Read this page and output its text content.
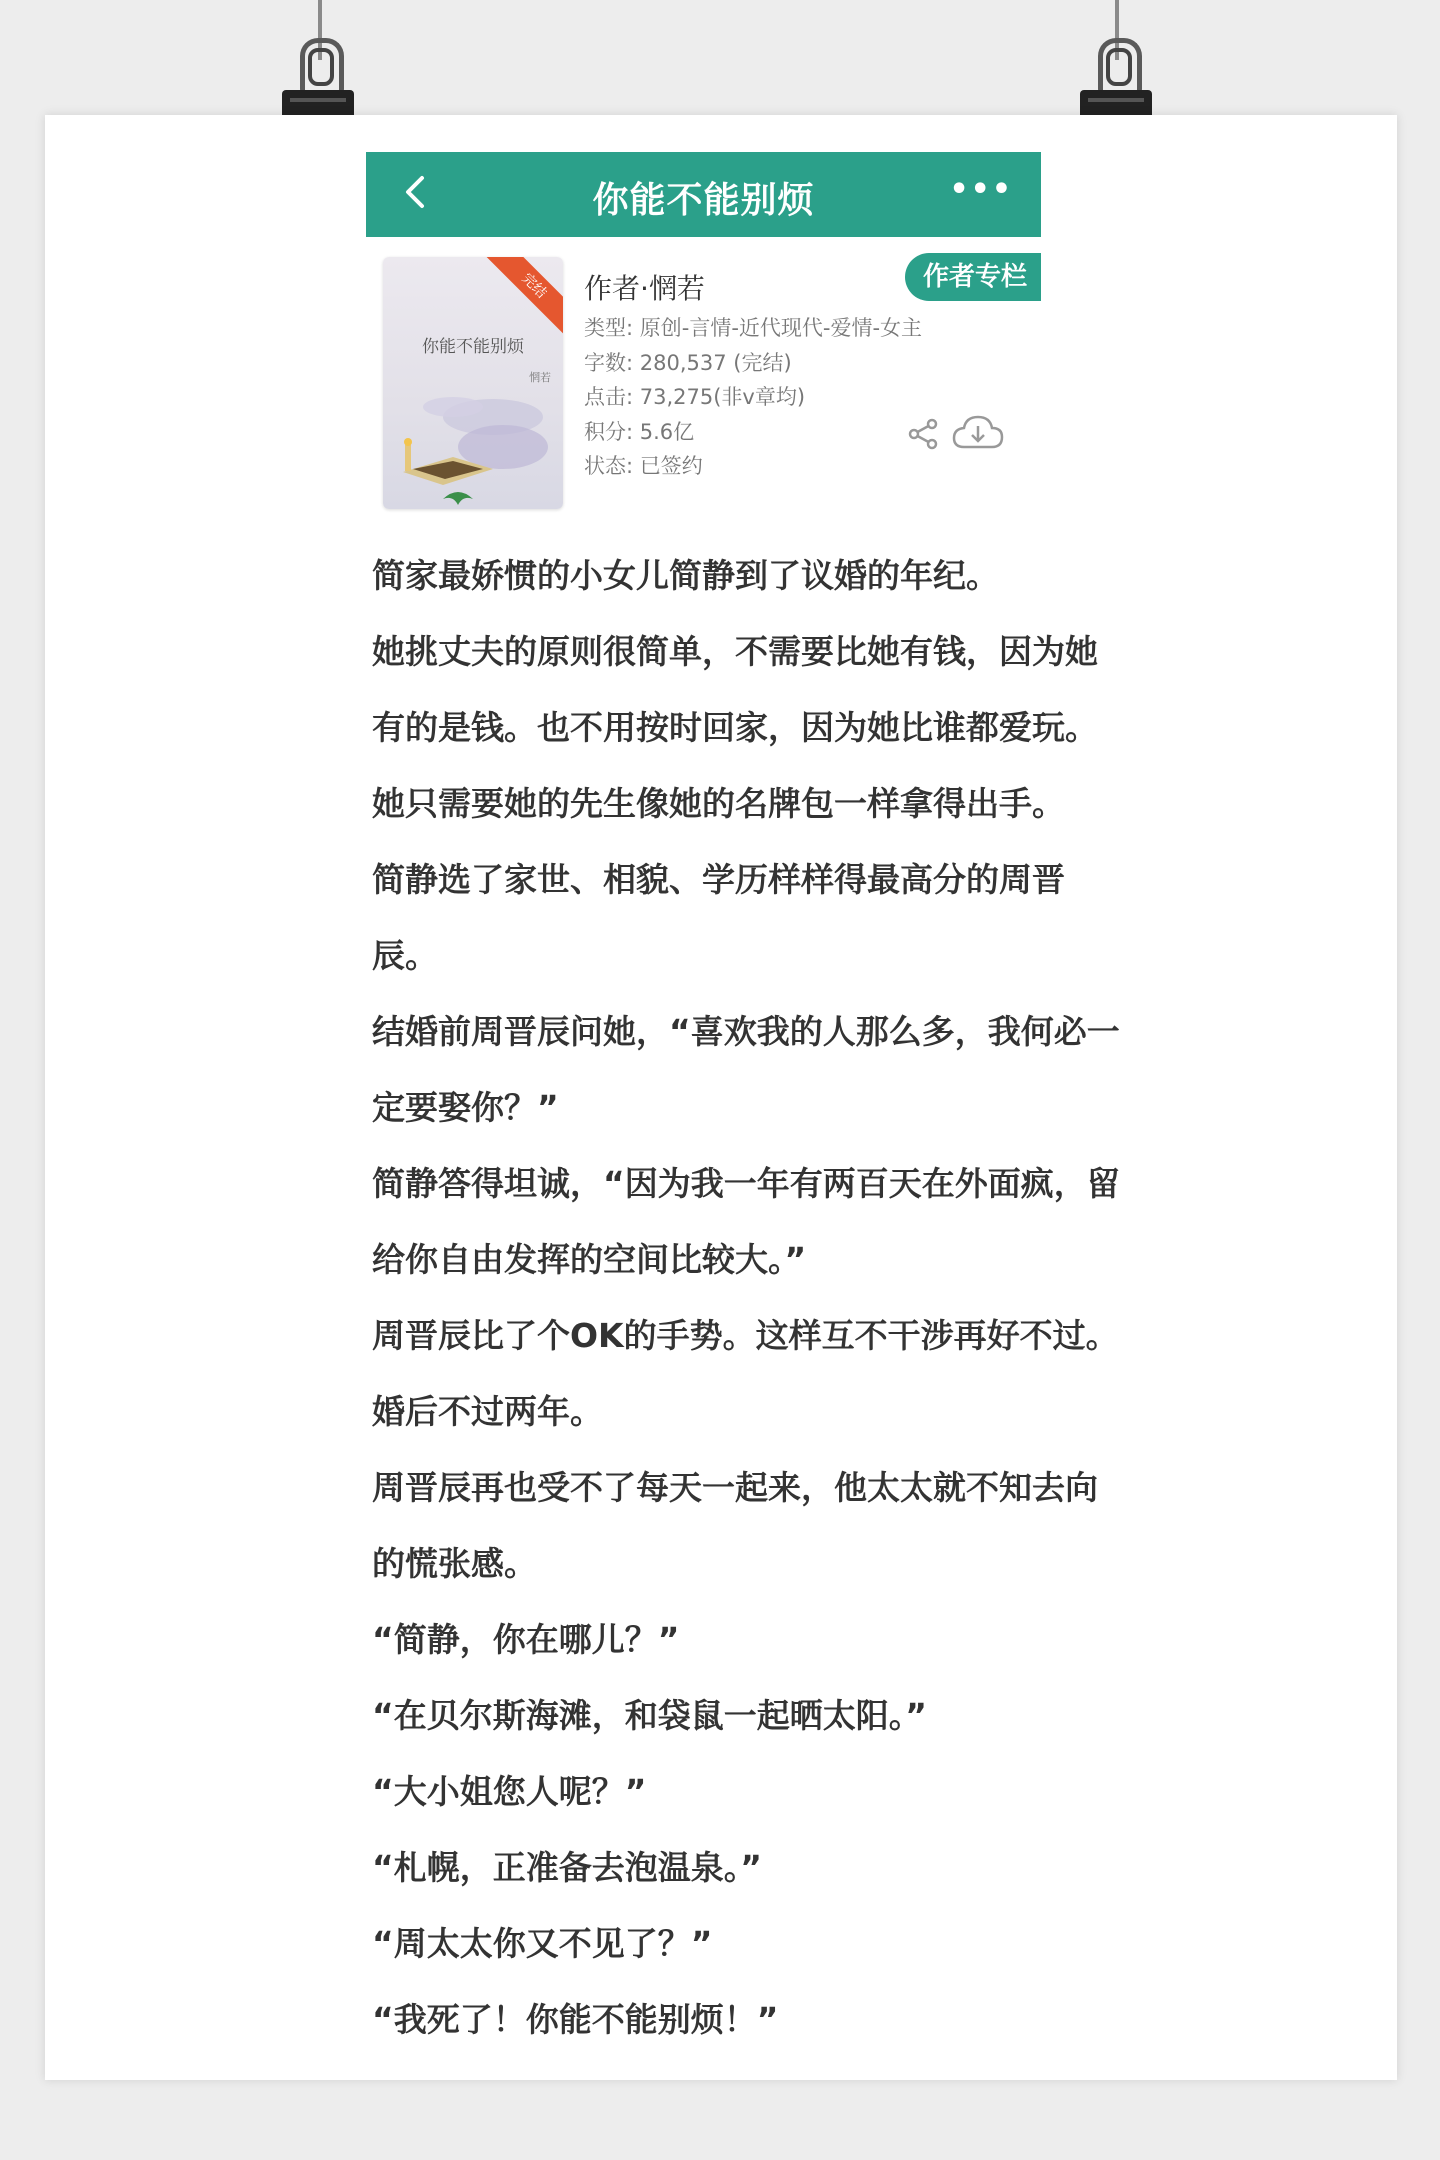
你能不能别烦	•••
完结
你能不能别烦
惘若
作者·惘若	作者专栏
类型: 原创-言情-近代现代-爱情-女主
字数: 280,537 (完结)
点击: 73,275(非v章均)
积分: 5.6亿
状态: 已签约

简家最娇惯的小女儿简静到了议婚的年纪。

她挑丈夫的原则很简单，不需要比她有钱，因为她

有的是钱。也不用按时回家，因为她比谁都爱玩。

她只需要她的先生像她的名牌包一样拿得出手。

简静选了家世、相貌、学历样样得最高分的周晋

辰。

结婚前周晋辰问她，“喜欢我的人那么多，我何必一

定要娶你？”

简静答得坦诚，“因为我一年有两百天在外面疯，留

给你自由发挥的空间比较大。”

周晋辰比了个OK的手势。这样互不干涉再好不过。

婚后不过两年。

周晋辰再也受不了每天一起来，他太太就不知去向

的慌张感。

“简静，你在哪儿？”

“在贝尔斯海滩，和袋鼠一起晒太阳。”

“大小姐您人呢？”

“札幌，正准备去泡温泉。”

“周太太你又不见了？”

“我死了！你能不能别烦！”
